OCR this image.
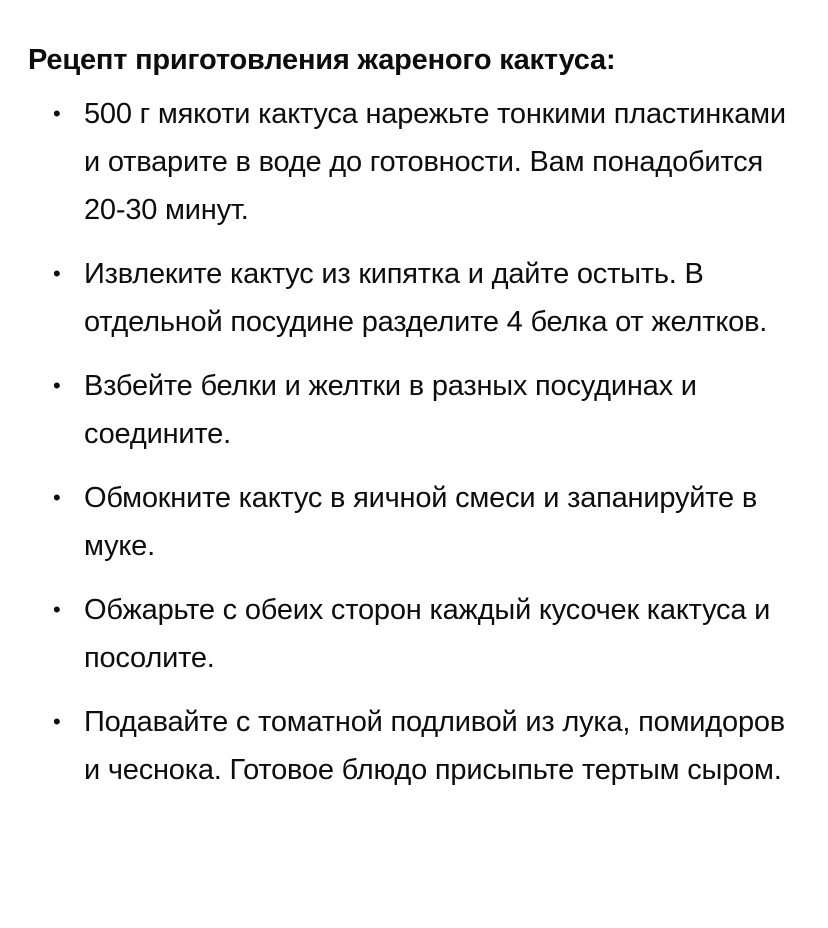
Рецепт приготовления жареного кактуса:
• 500 г мякоти кактуса нарежьте тонкими пластинками и отварите в воде до готовности. Вам понадобится 20-30 минут.
• Извлеките кактус из кипятка и дайте остыть. В отдельной посудине разделите 4 белка от желтков.
• Взбейте белки и желтки в разных посудинах и соедините.
• Обмокните кактус в яичной смеси и запанируйте в муке.
• Обжарьте с обеих сторон каждый кусочек кактуса и посолите.
• Подавайте с томатной подливой из лука, помидоров и чеснока. Готовое блюдо присыпьте тертым сыром.
